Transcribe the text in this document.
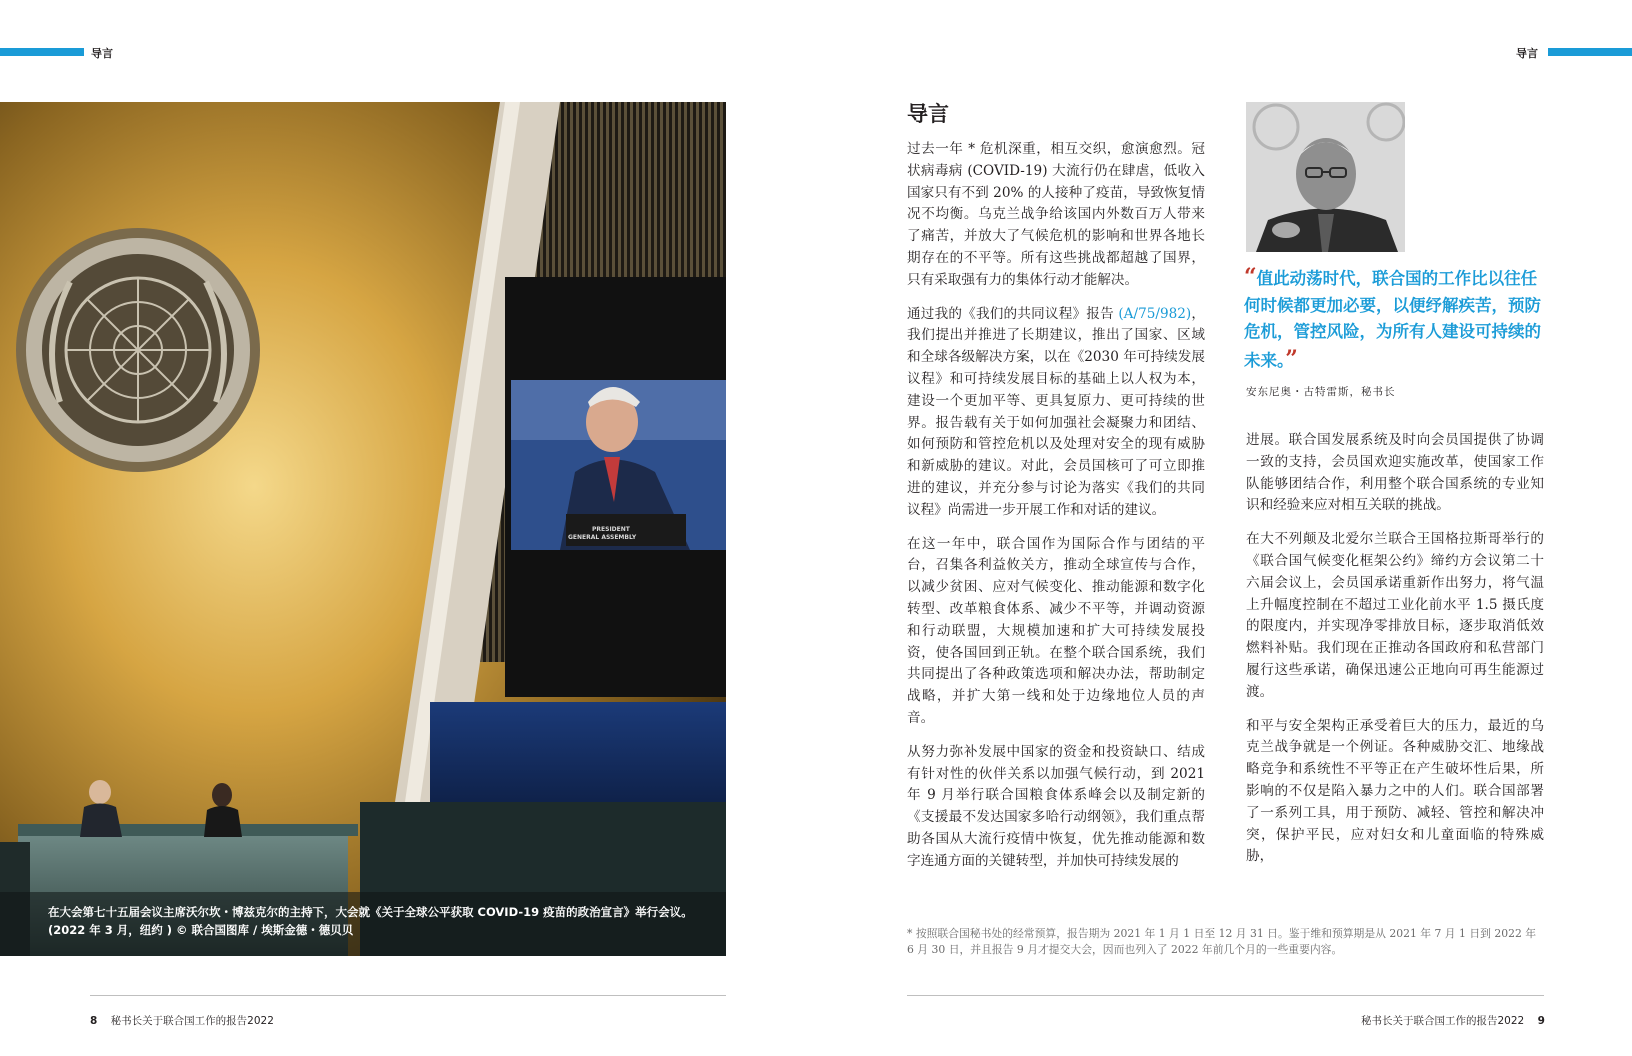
导言	导言
PRESIDENT
GENERAL ASSEMBLY
在大会第七十五届会议主席沃尔坎・博兹克尔的主持下，大会就《关于全球公平获取 COVID-19 疫苗的政治宣言》举行会议。(2022 年 3 月，纽约 ) © 联合国图库 / 埃斯金德・德贝贝
导言

过去一年 * 危机深重，相互交织，愈演愈烈。冠状病毒病 (COVID-19) 大流行仍在肆虐，低收入国家只有不到 20% 的人接种了疫苗，导致恢复情况不均衡。乌克兰战争给该国内外数百万人带来了痛苦，并放大了气候危机的影响和世界各地长期存在的不平等。所有这些挑战都超越了国界，只有采取强有力的集体行动才能解决。

通过我的《我们的共同议程》报告 (A/75/982)，我们提出并推进了长期建议，推出了国家、区域和全球各级解决方案，以在《2030 年可持续发展议程》和可持续发展目标的基础上以人权为本，建设一个更加平等、更具复原力、更可持续的世界。报告载有关于如何加强社会凝聚力和团结、如何预防和管控危机以及处理对安全的现有威胁和新威胁的建议。对此，会员国核可了可立即推进的建议，并充分参与讨论为落实《我们的共同议程》尚需进一步开展工作和对话的建议。

在这一年中，联合国作为国际合作与团结的平台，召集各利益攸关方，推动全球宣传与合作，以减少贫困、应对气候变化、推动能源和数字化转型、改革粮食体系、减少不平等，并调动资源和行动联盟，大规模加速和扩大可持续发展投资，使各国回到正轨。在整个联合国系统，我们共同提出了各种政策选项和解决办法，帮助制定战略，并扩大第一线和处于边缘地位人员的声音。

从努力弥补发展中国家的资金和投资缺口、结成有针对性的伙伴关系以加强气候行动，到 2021 年 9 月举行联合国粮食体系峰会以及制定新的《支援最不发达国家多哈行动纲领》，我们重点帮助各国从大流行疫情中恢复，优先推动能源和数字连通方面的关键转型，并加快可持续发展的

“值此动荡时代，联合国的工作比以往任何时候都更加必要，以便纾解疾苦，预防危机，管控风险，为所有人建设可持续的未来。”
安东尼奥・古特雷斯，秘书长

进展。联合国发展系统及时向会员国提供了协调一致的支持，会员国欢迎实施改革，使国家工作队能够团结合作，利用整个联合国系统的专业知识和经验来应对相互关联的挑战。

在大不列颠及北爱尔兰联合王国格拉斯哥举行的《联合国气候变化框架公约》缔约方会议第二十六届会议上，会员国承诺重新作出努力，将气温上升幅度控制在不超过工业化前水平 1.5 摄氏度的限度内，并实现净零排放目标，逐步取消低效燃料补贴。我们现在正推动各国政府和私营部门履行这些承诺，确保迅速公正地向可再生能源过渡。

和平与安全架构正承受着巨大的压力，最近的乌克兰战争就是一个例证。各种威胁交汇、地缘战略竞争和系统性不平等正在产生破坏性后果，所影响的不仅是陷入暴力之中的人们。联合国部署了一系列工具，用于预防、减轻、管控和解决冲突，保护平民，应对妇女和儿童面临的特殊威胁，

* 按照联合国秘书处的经常预算，报告期为 2021 年 1 月 1 日至 12 月 31 日。鉴于维和预算期是从 2021 年 7 月 1 日到 2022 年 6 月 30 日，并且报告 9 月才提交大会，因而也列入了 2022 年前几个月的一些重要内容。
8 秘书长关于联合国工作的报告2022	秘书长关于联合国工作的报告2022 9
